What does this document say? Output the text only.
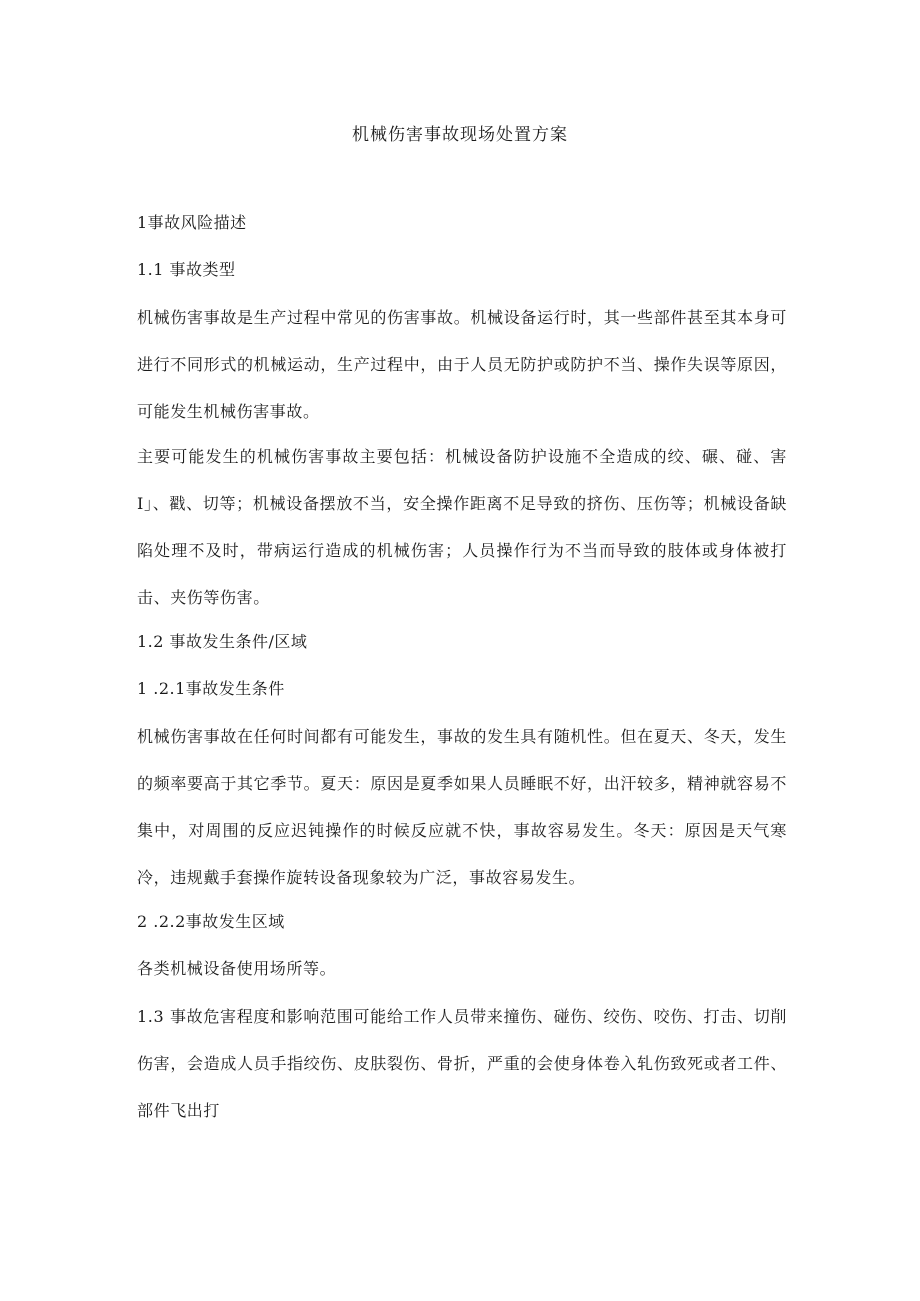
机械伤害事故现场处置方案

1事故风险描述

1.1 事故类型

机械伤害事故是生产过程中常见的伤害事故。机械设备运行时，其一些部件甚至其本身可进行不同形式的机械运动，生产过程中，由于人员无防护或防护不当、操作失误等原因，可能发生机械伤害事故。

主要可能发生的机械伤害事故主要包括：机械设备防护设施不全造成的绞、碾、碰、害I」、戳、切等；机械设备摆放不当，安全操作距离不足导致的挤伤、压伤等；机械设备缺陷处理不及时，带病运行造成的机械伤害；人员操作行为不当而导致的肢体或身体被打击、夹伤等伤害。

1.2 事故发生条件/区域

1 .2.1事故发生条件

机械伤害事故在任何时间都有可能发生，事故的发生具有随机性。但在夏天、冬天，发生的频率要高于其它季节。夏天：原因是夏季如果人员睡眠不好，出汗较多，精神就容易不集中，对周围的反应迟钝操作的时候反应就不快，事故容易发生。冬天：原因是天气寒冷，违规戴手套操作旋转设备现象较为广泛，事故容易发生。

2 .2.2事故发生区域

各类机械设备使用场所等。

1.3 事故危害程度和影响范围可能给工作人员带来撞伤、碰伤、绞伤、咬伤、打击、切削伤害，会造成人员手指绞伤、皮肤裂伤、骨折，严重的会使身体卷入轧伤致死或者工件、部件飞出打
